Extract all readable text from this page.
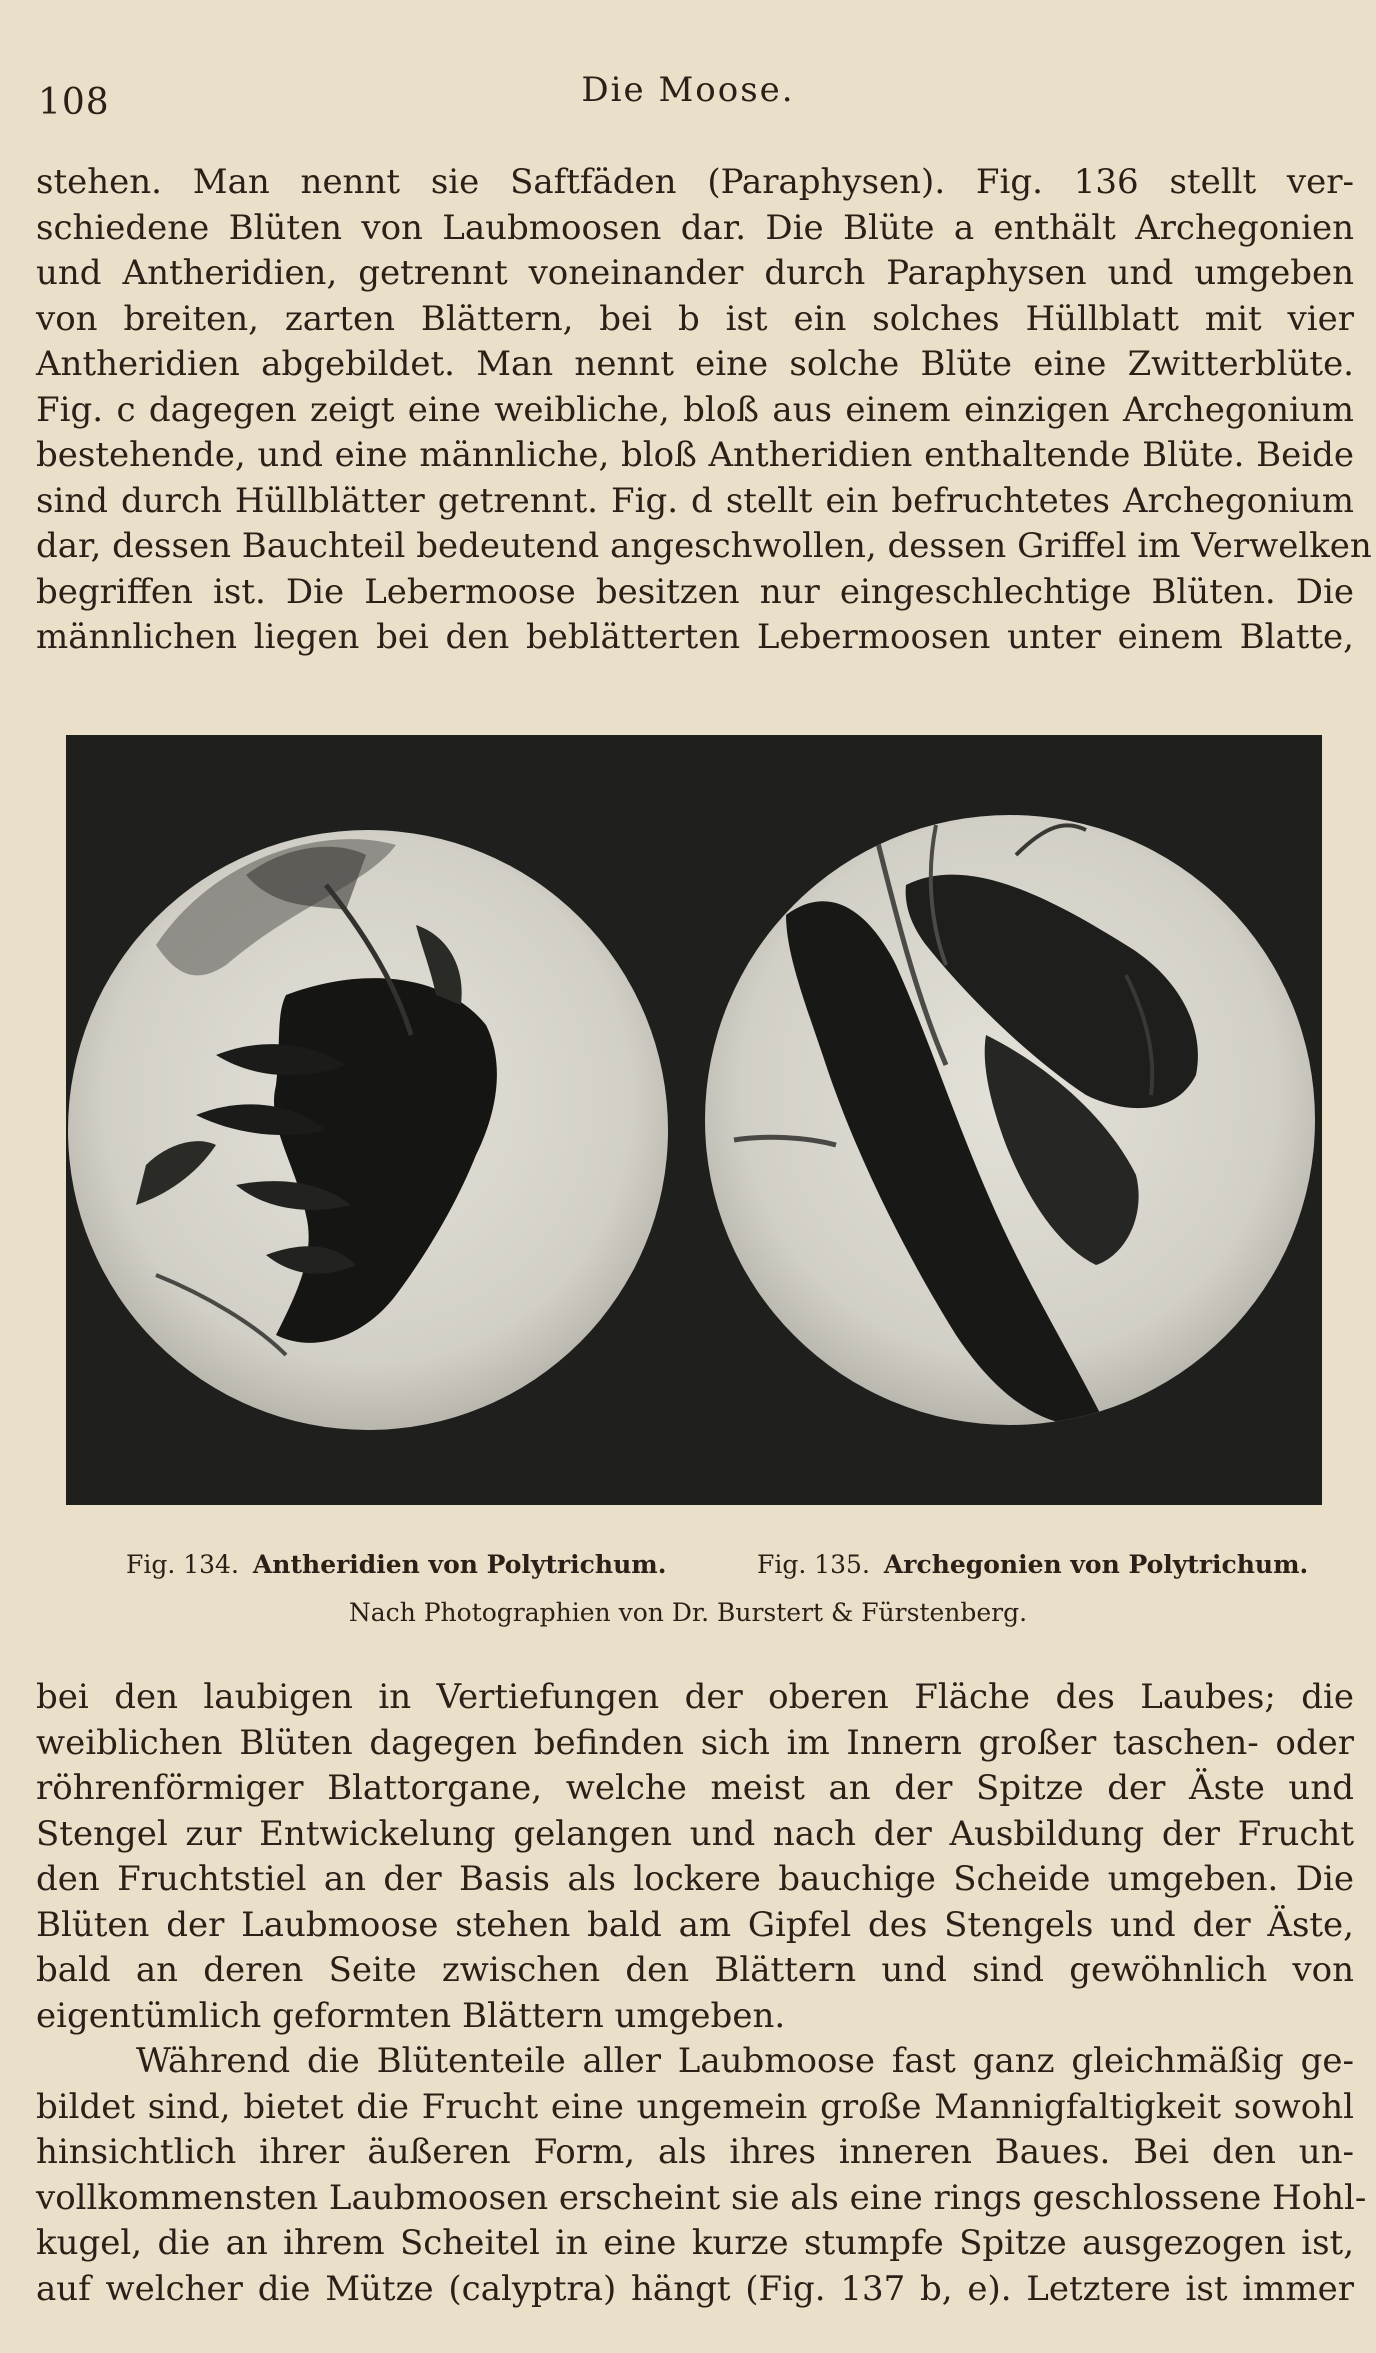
108	Die Moose.
stehen. Man nennt sie Saftfäden (Paraphysen). Fig. 136 stellt ver-
schiedene Blüten von Laubmoosen dar. Die Blüte a enthält Archegonien
und Antheridien, getrennt voneinander durch Paraphysen und umgeben
von breiten, zarten Blättern, bei b ist ein solches Hüllblatt mit vier
Antheridien abgebildet. Man nennt eine solche Blüte eine Zwitterblüte.
Fig. c dagegen zeigt eine weibliche, bloß aus einem einzigen Archegonium
bestehende, und eine männliche, bloß Antheridien enthaltende Blüte. Beide
sind durch Hüllblätter getrennt. Fig. d stellt ein befruchtetes Archegonium
dar, dessen Bauchteil bedeutend angeschwollen, dessen Griffel im Verwelken
begriffen ist. Die Lebermoose besitzen nur eingeschlechtige Blüten. Die
männlichen liegen bei den beblätterten Lebermoosen unter einem Blatte,
Fig. 134. Antheridien von Polytrichum.	Fig. 135. Archegonien von Polytrichum.
Nach Photographien von Dr. Burstert & Fürstenberg.
bei den laubigen in Vertiefungen der oberen Fläche des Laubes; die
weiblichen Blüten dagegen befinden sich im Innern großer taschen- oder
röhrenförmiger Blattorgane, welche meist an der Spitze der Äste und
Stengel zur Entwickelung gelangen und nach der Ausbildung der Frucht
den Fruchtstiel an der Basis als lockere bauchige Scheide umgeben. Die
Blüten der Laubmoose stehen bald am Gipfel des Stengels und der Äste,
bald an deren Seite zwischen den Blättern und sind gewöhnlich von
eigentümlich geformten Blättern umgeben.
Während die Blütenteile aller Laubmoose fast ganz gleichmäßig ge-
bildet sind, bietet die Frucht eine ungemein große Mannigfaltigkeit sowohl
hinsichtlich ihrer äußeren Form, als ihres inneren Baues. Bei den un-
vollkommensten Laubmoosen erscheint sie als eine rings geschlossene Hohl-
kugel, die an ihrem Scheitel in eine kurze stumpfe Spitze ausgezogen ist,
auf welcher die Mütze (calyptra) hängt (Fig. 137 b, e). Letztere ist immer
